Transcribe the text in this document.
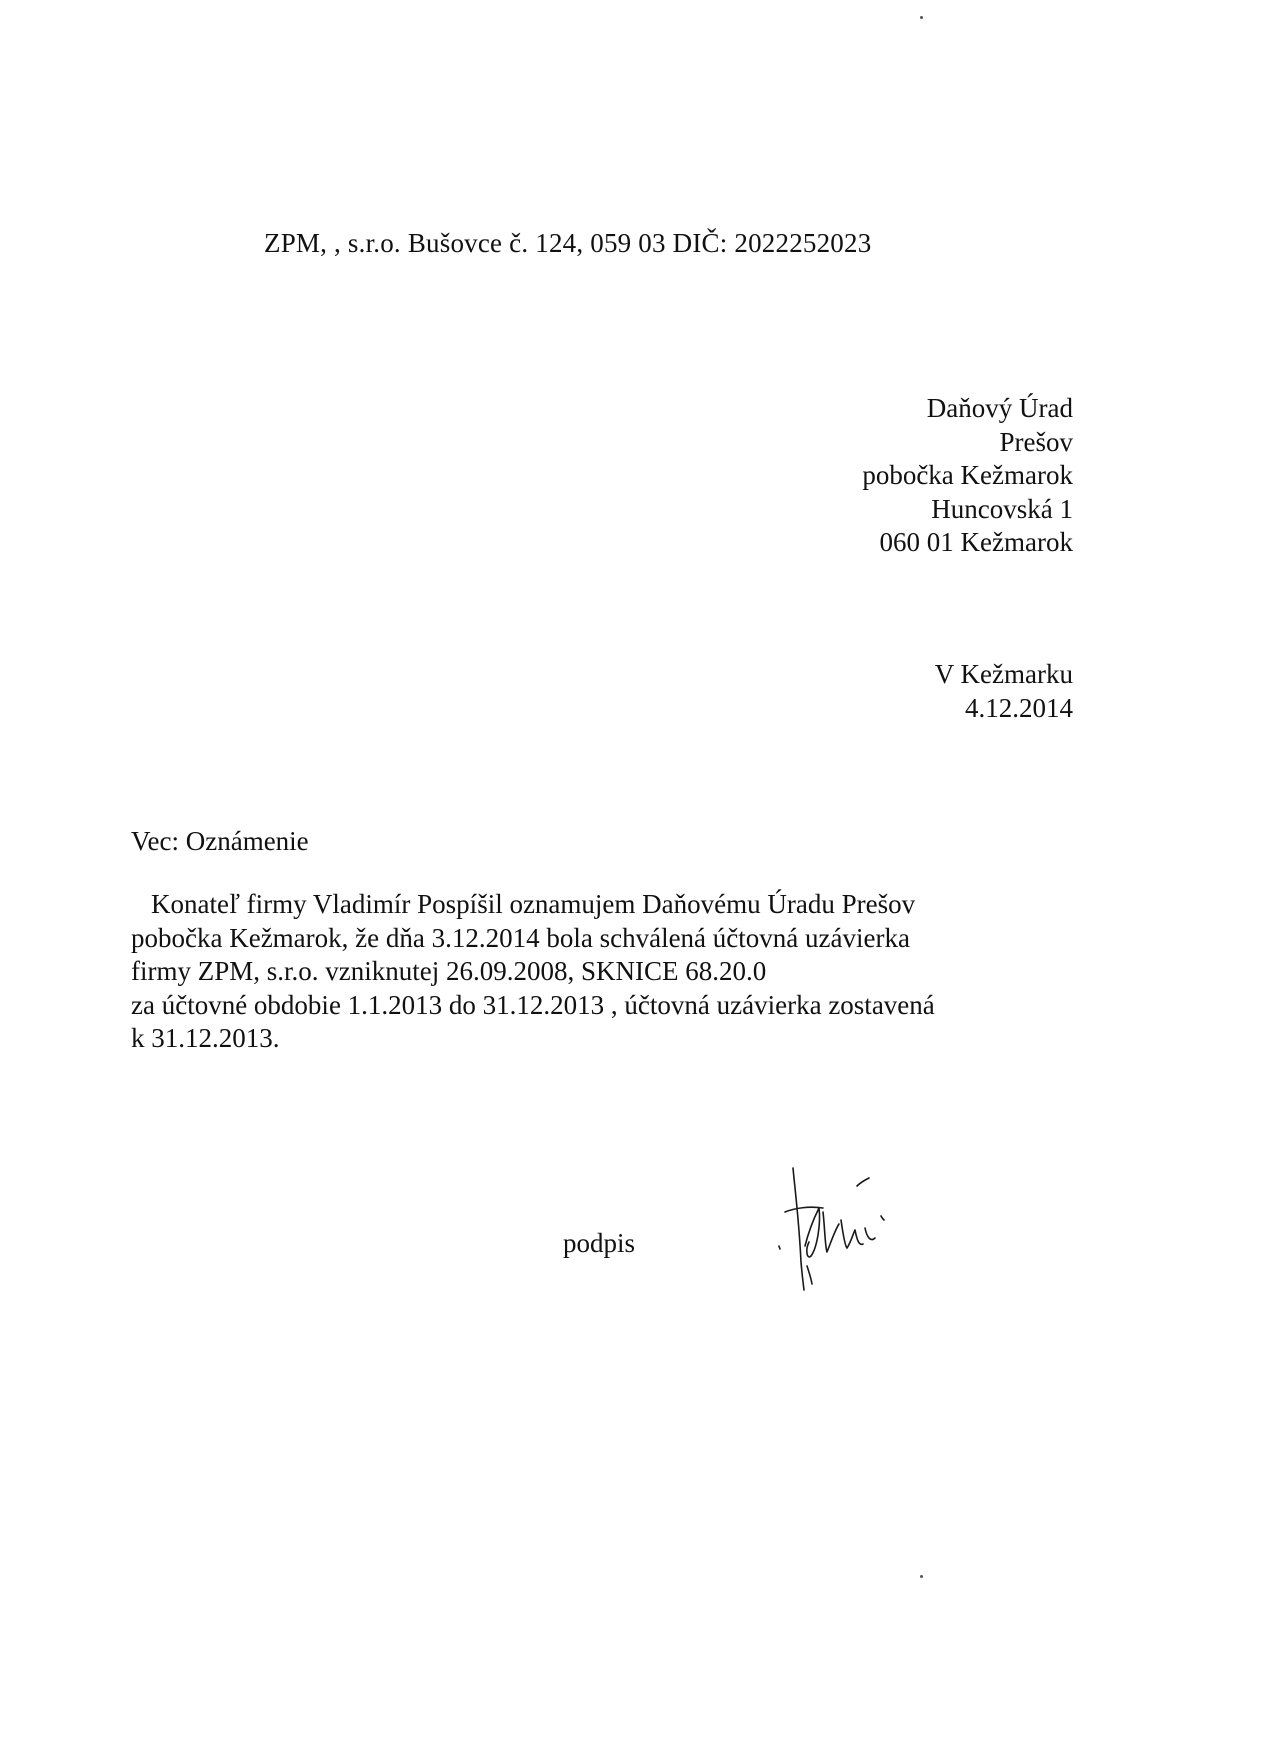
ZPM, , s.r.o. Bušovce č. 124, 059 03 DIČ: 2022252023
Daňový Úrad
Prešov
pobočka Kežmarok
Huncovská 1
060 01 Kežmarok
V Kežmarku
4.12.2014
Vec: Oznámenie
Konateľ firmy Vladimír Pospíšil oznamujem Daňovému Úradu Prešov
pobočka Kežmarok, že dňa 3.12.2014 bola schválená účtovná uzávierka
firmy ZPM, s.r.o. vzniknutej 26.09.2008, SKNICE 68.20.0
za účtovné obdobie 1.1.2013 do 31.12.2013 , účtovná uzávierka zostavená
k 31.12.2013.
podpis
